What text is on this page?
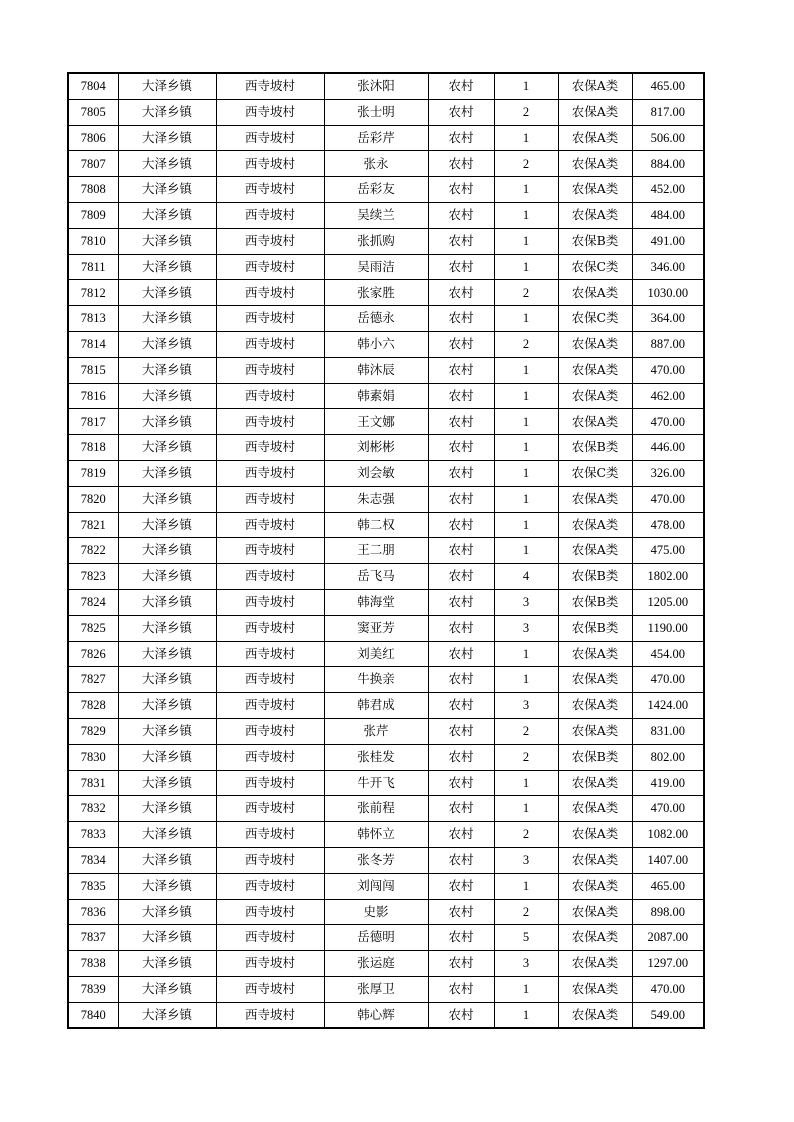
7804	大泽乡镇	西寺坡村	张沐阳	农村	1	农保A类	465.00
7805	大泽乡镇	西寺坡村	张士明	农村	2	农保A类	817.00
7806	大泽乡镇	西寺坡村	岳彩芹	农村	1	农保A类	506.00
7807	大泽乡镇	西寺坡村	张永	农村	2	农保A类	884.00
7808	大泽乡镇	西寺坡村	岳彩友	农村	1	农保A类	452.00
7809	大泽乡镇	西寺坡村	吴续兰	农村	1	农保A类	484.00
7810	大泽乡镇	西寺坡村	张抓购	农村	1	农保B类	491.00
7811	大泽乡镇	西寺坡村	吴雨洁	农村	1	农保C类	346.00
7812	大泽乡镇	西寺坡村	张家胜	农村	2	农保A类	1030.00
7813	大泽乡镇	西寺坡村	岳德永	农村	1	农保C类	364.00
7814	大泽乡镇	西寺坡村	韩小六	农村	2	农保A类	887.00
7815	大泽乡镇	西寺坡村	韩沐辰	农村	1	农保A类	470.00
7816	大泽乡镇	西寺坡村	韩素娟	农村	1	农保A类	462.00
7817	大泽乡镇	西寺坡村	王文娜	农村	1	农保A类	470.00
7818	大泽乡镇	西寺坡村	刘彬彬	农村	1	农保B类	446.00
7819	大泽乡镇	西寺坡村	刘会敏	农村	1	农保C类	326.00
7820	大泽乡镇	西寺坡村	朱志强	农村	1	农保A类	470.00
7821	大泽乡镇	西寺坡村	韩二权	农村	1	农保A类	478.00
7822	大泽乡镇	西寺坡村	王二朋	农村	1	农保A类	475.00
7823	大泽乡镇	西寺坡村	岳飞马	农村	4	农保B类	1802.00
7824	大泽乡镇	西寺坡村	韩海堂	农村	3	农保B类	1205.00
7825	大泽乡镇	西寺坡村	窦亚芳	农村	3	农保B类	1190.00
7826	大泽乡镇	西寺坡村	刘美红	农村	1	农保A类	454.00
7827	大泽乡镇	西寺坡村	牛换亲	农村	1	农保A类	470.00
7828	大泽乡镇	西寺坡村	韩君成	农村	3	农保A类	1424.00
7829	大泽乡镇	西寺坡村	张芹	农村	2	农保A类	831.00
7830	大泽乡镇	西寺坡村	张桂发	农村	2	农保B类	802.00
7831	大泽乡镇	西寺坡村	牛开飞	农村	1	农保A类	419.00
7832	大泽乡镇	西寺坡村	张前程	农村	1	农保A类	470.00
7833	大泽乡镇	西寺坡村	韩怀立	农村	2	农保A类	1082.00
7834	大泽乡镇	西寺坡村	张冬芳	农村	3	农保A类	1407.00
7835	大泽乡镇	西寺坡村	刘闯闯	农村	1	农保A类	465.00
7836	大泽乡镇	西寺坡村	史影	农村	2	农保A类	898.00
7837	大泽乡镇	西寺坡村	岳德明	农村	5	农保A类	2087.00
7838	大泽乡镇	西寺坡村	张运庭	农村	3	农保A类	1297.00
7839	大泽乡镇	西寺坡村	张厚卫	农村	1	农保A类	470.00
7840	大泽乡镇	西寺坡村	韩心辉	农村	1	农保A类	549.00
